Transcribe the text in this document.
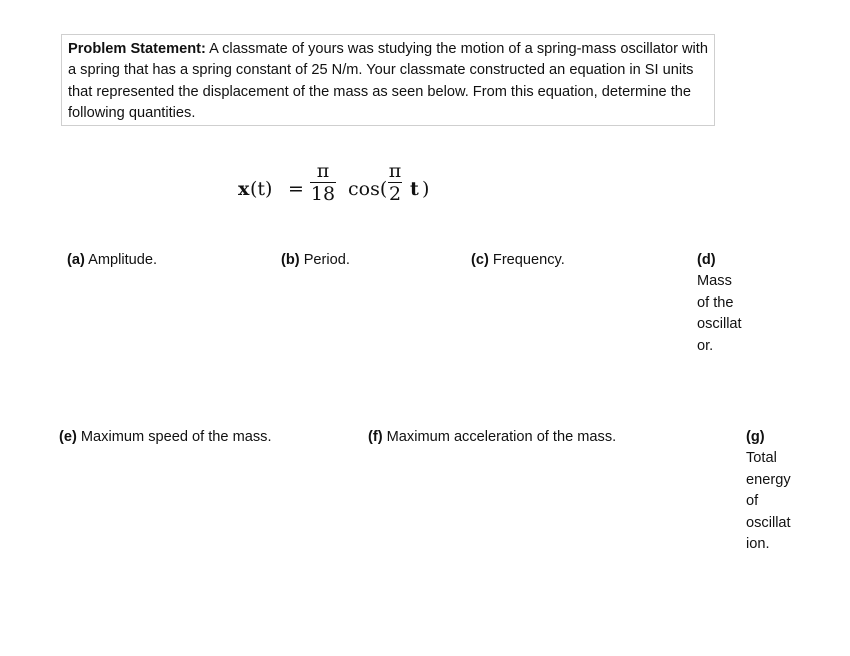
Problem Statement: A classmate of yours was studying the motion of a spring-mass oscillator with a spring that has a spring constant of 25 N/m. Your classmate constructed an equation in SI units that represented the displacement of the mass as seen below. From this equation, determine the following quantities.
x (t) =
π
18 cos(
π
2 t )
(a) Amplitude.	(b) Period.	(c) Frequency.	(d)
Mass
of the
oscillat
or.
(e) Maximum speed of the mass.	(f) Maximum acceleration of the mass.	(g)
Total
energy
of
oscillat
ion.
